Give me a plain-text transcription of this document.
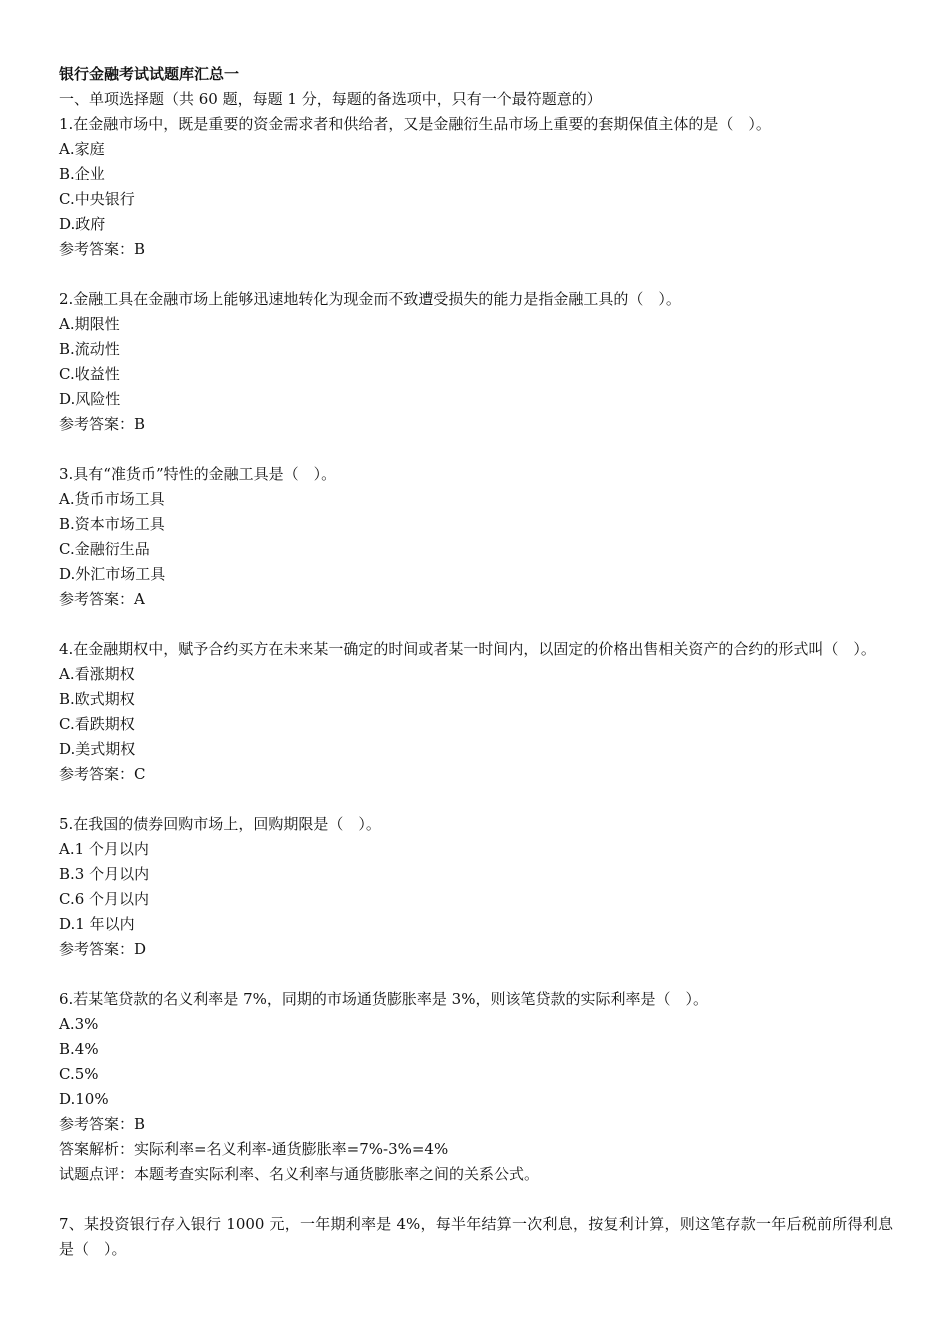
银行金融考试试题库汇总一
一、单项选择题（共 60 题，每题 1 分，每题的备选项中，只有一个最符题意的）
1.在金融市场中，既是重要的资金需求者和供给者，又是金融衍生品市场上重要的套期保值主体的是（　）。
A.家庭
B.企业
C.中央银行
D.政府
参考答案：B
2.金融工具在金融市场上能够迅速地转化为现金而不致遭受损失的能力是指金融工具的（　）。
A.期限性
B.流动性
C.收益性
D.风险性
参考答案：B
3.具有“准货币”特性的金融工具是（　）。
A.货币市场工具
B.资本市场工具
C.金融衍生品
D.外汇市场工具
参考答案：A
4.在金融期权中，赋予合约买方在未来某一确定的时间或者某一时间内，以固定的价格出售相关资产的合约的形式叫（　）。
A.看涨期权
B.欧式期权
C.看跌期权
D.美式期权
参考答案：C
5.在我国的债券回购市场上，回购期限是（　）。
A.1 个月以内
B.3 个月以内
C.6 个月以内
D.1 年以内
参考答案：D
6.若某笔贷款的名义利率是 7%，同期的市场通货膨胀率是 3%，则该笔贷款的实际利率是（　）。
A.3%
B.4%
C.5%
D.10%
参考答案：B
答案解析：实际利率=名义利率-通货膨胀率=7%-3%=4%
试题点评：本题考查实际利率、名义利率与通货膨胀率之间的关系公式。
7、某投资银行存入银行 1000 元，一年期利率是 4%，每半年结算一次利息，按复利计算，则这笔存款一年后税前所得利息是（　）。
